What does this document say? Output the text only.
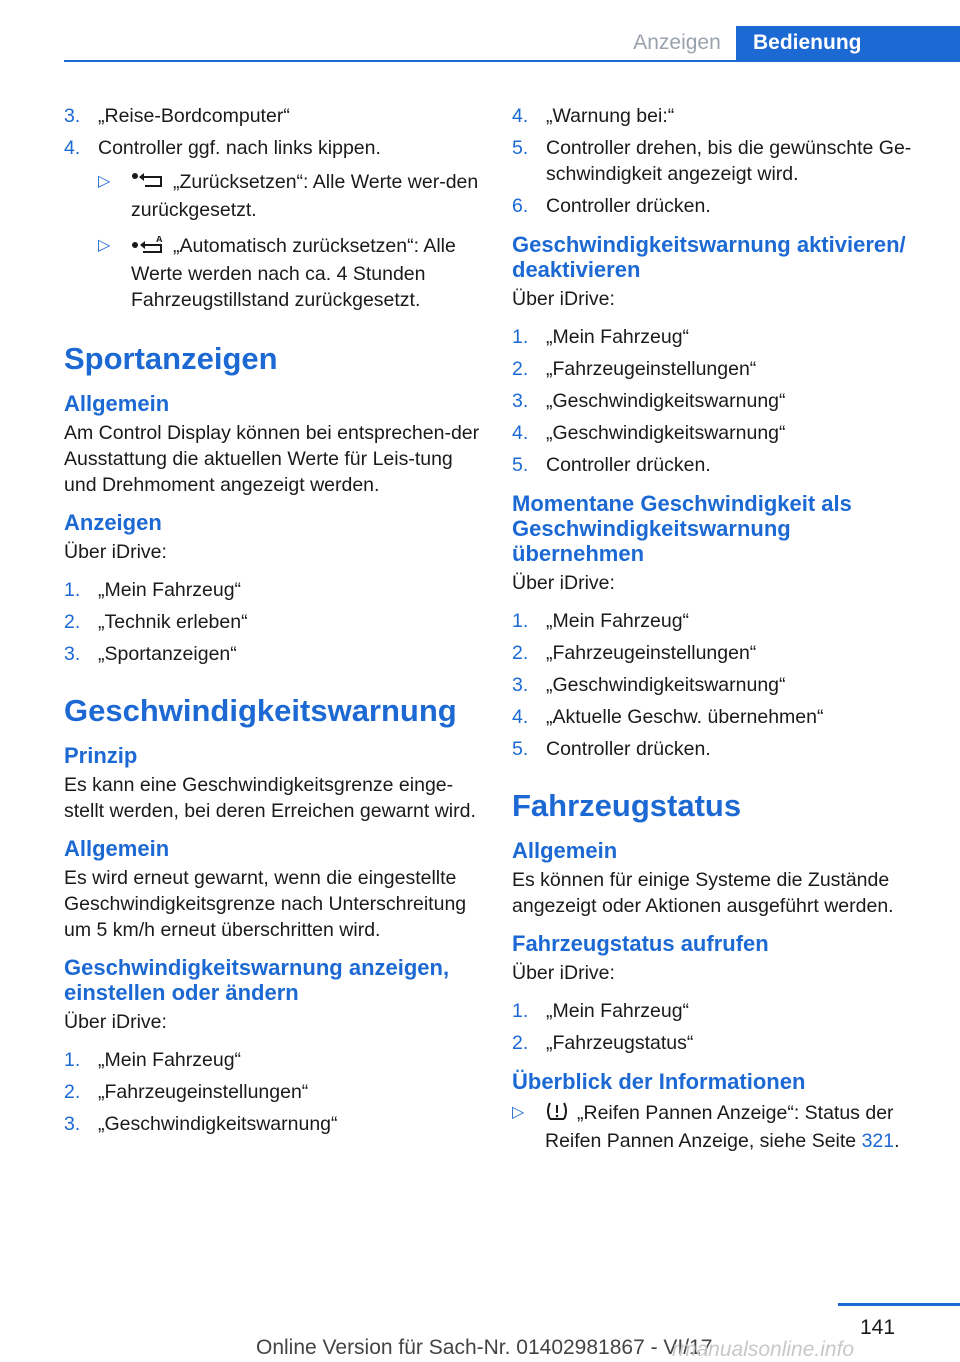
Anzeigen	Bedienung
3. „Reise-Bordcomputer“
4. Controller ggf. nach links kippen.
▷	„Zurücksetzen“: Alle Werte wer-den zurückgesetzt.
▷	A „Automatisch zurücksetzen“: Alle Werte werden nach ca. 4 Stunden Fahrzeugstillstand zurückgesetzt.
Sportanzeigen
Allgemein
Am Control Display können bei entsprechen-der Ausstattung die aktuellen Werte für Leis-tung und Drehmoment angezeigt werden.
Anzeigen
Über iDrive:
1. „Mein Fahrzeug“
2. „Technik erleben“
3. „Sportanzeigen“
Geschwindigkeitswarnung
Prinzip
Es kann eine Geschwindigkeitsgrenze einge-stellt werden, bei deren Erreichen gewarnt wird.
Allgemein
Es wird erneut gewarnt, wenn die eingestellte Geschwindigkeitsgrenze nach Unterschreitung um 5 km/h erneut überschritten wird.
Geschwindigkeitswarnung anzeigen, einstellen oder ändern
Über iDrive:
1. „Mein Fahrzeug“
2. „Fahrzeugeinstellungen“
3. „Geschwindigkeitswarnung“
4. „Warnung bei:“
5. Controller drehen, bis die gewünschte Ge-schwindigkeit angezeigt wird.
6. Controller drücken.
Geschwindigkeitswarnung aktivieren/ deaktivieren
Über iDrive:
1. „Mein Fahrzeug“
2. „Fahrzeugeinstellungen“
3. „Geschwindigkeitswarnung“
4. „Geschwindigkeitswarnung“
5. Controller drücken.
Momentane Geschwindigkeit als Geschwindigkeitswarnung übernehmen
Über iDrive:
1. „Mein Fahrzeug“
2. „Fahrzeugeinstellungen“
3. „Geschwindigkeitswarnung“
4. „Aktuelle Geschw. übernehmen“
5. Controller drücken.
Fahrzeugstatus
Allgemein
Es können für einige Systeme die Zustände angezeigt oder Aktionen ausgeführt werden.
Fahrzeugstatus aufrufen
Über iDrive:
1. „Mein Fahrzeug“
2. „Fahrzeugstatus“
Überblick der Informationen
▷	„Reifen Pannen Anzeige“: Status der Reifen Pannen Anzeige, siehe Seite 321.
141
Online Version für Sach-Nr. 01402981867 - VI/17
rmanualsonline.info
